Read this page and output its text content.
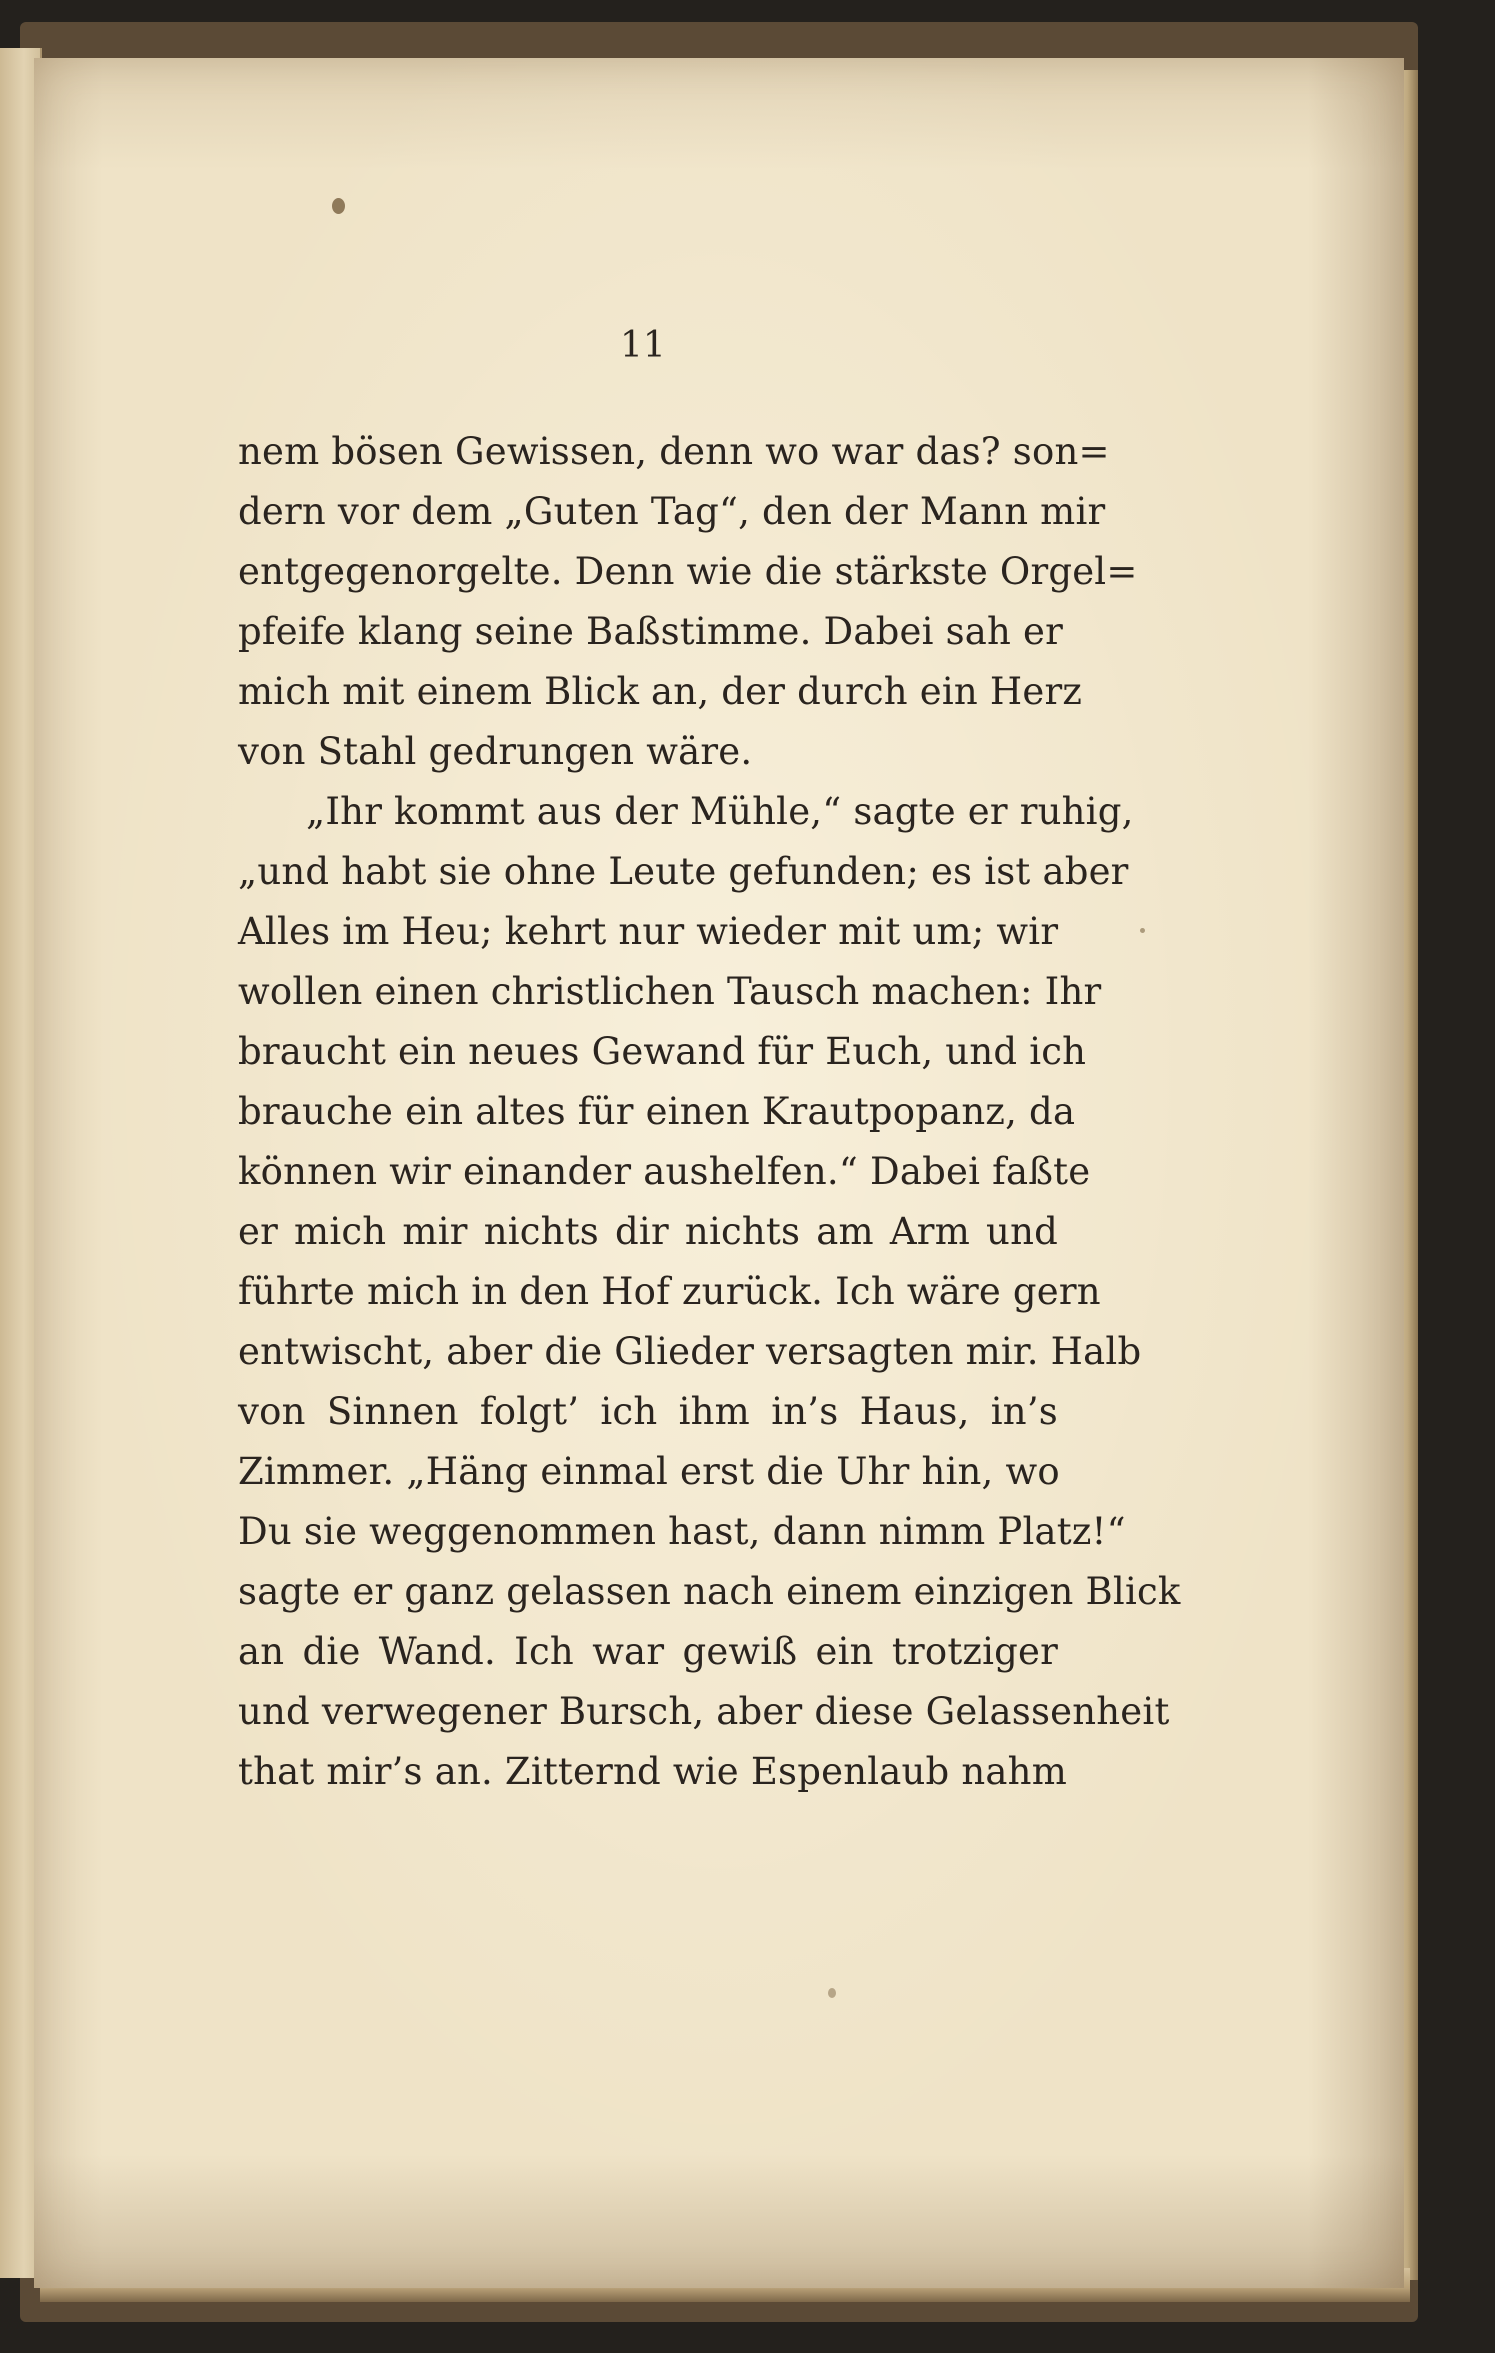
11
nem bösen Gewissen, denn wo war das? son=
dern vor dem „Guten Tag“, den der Mann mir
entgegenorgelte. Denn wie die stärkste Orgel=
pfeife klang seine Baßstimme. Dabei sah er
mich mit einem Blick an, der durch ein Herz
von Stahl gedrungen wäre.
„Ihr kommt aus der Mühle,“ sagte er ruhig,
„und habt sie ohne Leute gefunden; es ist aber
Alles im Heu; kehrt nur wieder mit um; wir
wollen einen christlichen Tausch machen: Ihr
braucht ein neues Gewand für Euch, und ich
brauche ein altes für einen Krautpopanz, da
können wir einander aushelfen.“ Dabei faßte
er mich mir nichts dir nichts am Arm und
führte mich in den Hof zurück. Ich wäre gern
entwischt, aber die Glieder versagten mir. Halb
von Sinnen folgt’ ich ihm in’s Haus, in’s
Zimmer. „Häng einmal erst die Uhr hin, wo
Du sie weggenommen hast, dann nimm Platz!“
sagte er ganz gelassen nach einem einzigen Blick
an die Wand. Ich war gewiß ein trotziger
und verwegener Bursch, aber diese Gelassenheit
that mir’s an. Zitternd wie Espenlaub nahm
